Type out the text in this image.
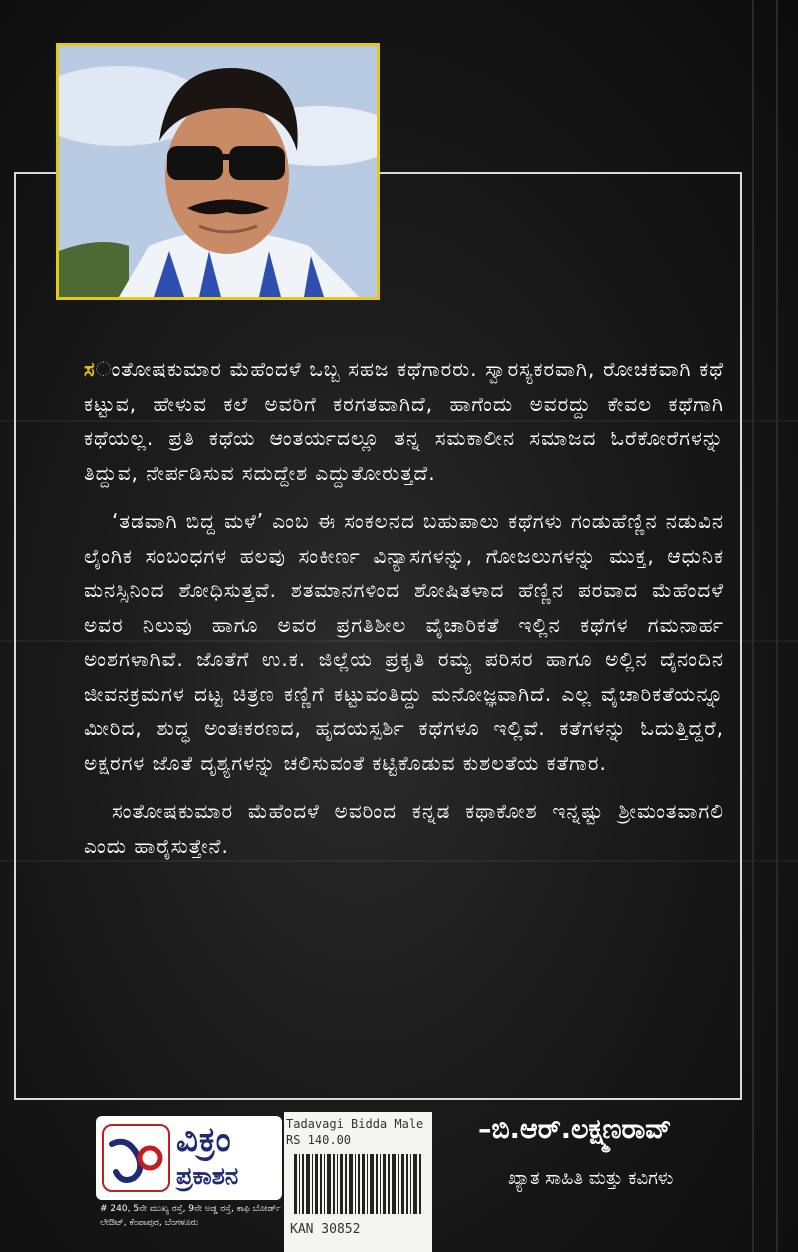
ಸಂತೋಷಕುಮಾರ ಮೆಹೆಂದಳೆ ಒಬ್ಬ ಸಹಜ ಕಥೆಗಾರರು. ಸ್ವಾರಸ್ಯಕರವಾಗಿ, ರೋಚಕವಾಗಿ ಕಥೆ ಕಟ್ಟುವ, ಹೇಳುವ ಕಲೆ ಅವರಿಗೆ ಕರಗತವಾಗಿದೆ, ಹಾಗೆಂದು ಅವರದ್ದು ಕೇವಲ ಕಥೆಗಾಗಿ ಕಥೆಯಲ್ಲ. ಪ್ರತಿ ಕಥೆಯ ಆಂತರ್ಯದಲ್ಲೂ ತನ್ನ ಸಮಕಾಲೀನ ಸಮಾಜದ ಓರೆಕೋರೆಗಳನ್ನು ತಿದ್ದುವ, ನೇರ್ಪಡಿಸುವ ಸದುದ್ದೇಶ ಎದ್ದುತೋರುತ್ತದೆ.

‘ತಡವಾಗಿ ಬಿದ್ದ ಮಳೆ’ ಎಂಬ ಈ ಸಂಕಲನದ ಬಹುಪಾಲು ಕಥೆಗಳು ಗಂಡುಹೆಣ್ಣಿನ ನಡುವಿನ ಲೈಂಗಿಕ ಸಂಬಂಧಗಳ ಹಲವು ಸಂಕೀರ್ಣ ವಿನ್ಯಾಸಗಳನ್ನು, ಗೋಜಲುಗಳನ್ನು ಮುಕ್ತ, ಆಧುನಿಕ ಮನಸ್ಸಿನಿಂದ ಶೋಧಿಸುತ್ತವೆ. ಶತಮಾನಗಳಿಂದ ಶೋಷಿತಳಾದ ಹೆಣ್ಣಿನ ಪರವಾದ ಮೆಹೆಂದಳೆ ಅವರ ನಿಲುವು ಹಾಗೂ ಅವರ ಪ್ರಗತಿಶೀಲ ವೈಚಾರಿಕತೆ ಇಲ್ಲಿನ ಕಥೆಗಳ ಗಮನಾರ್ಹ ಅಂಶಗಳಾಗಿವೆ. ಜೊತೆಗೆ ಉ.ಕ. ಜಿಲ್ಲೆಯ ಪ್ರಕೃತಿ ರಮ್ಯ ಪರಿಸರ ಹಾಗೂ ಅಲ್ಲಿನ ದೈನಂದಿನ ಜೀವನಕ್ರಮಗಳ ದಟ್ಟ ಚಿತ್ರಣ ಕಣ್ಣಿಗೆ ಕಟ್ಟುವಂತಿದ್ದು ಮನೋಜ್ಞವಾಗಿದೆ. ಎಲ್ಲ ವೈಚಾರಿಕತೆಯನ್ನೂ ಮೀರಿದ, ಶುದ್ಧ ಅಂತಃಕರಣದ, ಹೃದಯಸ್ಪರ್ಶಿ ಕಥೆಗಳೂ ಇಲ್ಲಿವೆ. ಕತೆಗಳನ್ನು ಓದುತ್ತಿದ್ದರೆ, ಅಕ್ಷರಗಳ ಜೊತೆ ದೃಶ್ಯಗಳನ್ನು ಚಲಿಸುವಂತೆ ಕಟ್ಟಿಕೊಡುವ ಕುಶಲತೆಯ ಕತೆಗಾರ.

ಸಂತೋಷಕುಮಾರ ಮೆಹೆಂದಳೆ ಅವರಿಂದ ಕನ್ನಡ ಕಥಾಕೋಶ ಇನ್ನಷ್ಟು ಶ್ರೀಮಂತವಾಗಲಿ ಎಂದು ಹಾರೈಸುತ್ತೇನೆ.

ವಿಕ್ರಂ
ಪ್ರಕಾಶನ
# 240, 5ನೇ ಮುಖ್ಯ ರಸ್ತೆ, 9ನೇ ಅಡ್ಡ ರಸ್ತೆ, ಕಾಫಿ ಬೋರ್ಡ್ ಲೇಔಟ್, ಕೆಂಪಾಪುರ, ಬೆಂಗಳೂರು
Tadavagi Bidda Male
RS 140.00
KAN 30852
–ಬಿ.ಆರ್.ಲಕ್ಷ್ಮಣರಾವ್
ಖ್ಯಾತ ಸಾಹಿತಿ ಮತ್ತು ಕವಿಗಳು
